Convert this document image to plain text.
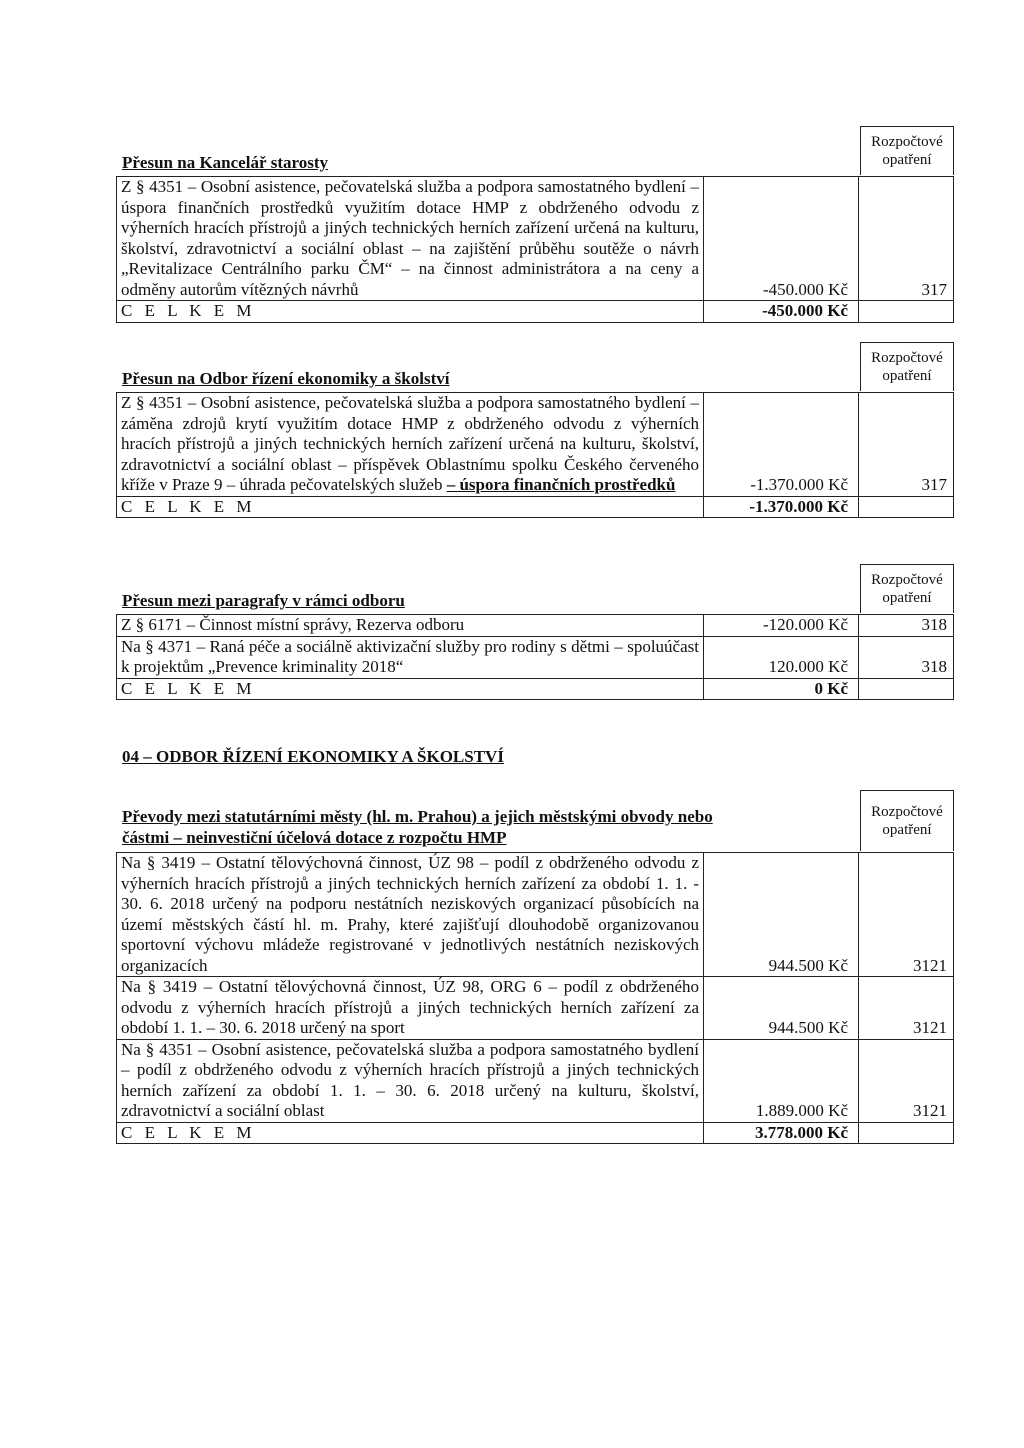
Přesun na Kancelář starosty
Rozpočtové opatření
Z § 4351 – Osobní asistence, pečovatelská služba a podpora samostatného bydlení – úspora finančních prostředků využitím dotace HMP z obdrženého odvodu z výherních hracích přístrojů a jiných technických herních zařízení určená na kulturu, školství, zdravotnictví a sociální oblast – na zajištění průběhu soutěže o návrh „Revitalizace Centrálního parku ČM“ – na činnost administrátora a na ceny a odměny autorům vítězných návrhů	-450.000 Kč	317
C E L K E M	-450.000 Kč	
Přesun na Odbor řízení ekonomiky a školství
Rozpočtové opatření
Z § 4351 – Osobní asistence, pečovatelská služba a podpora samostatného bydlení – záměna zdrojů krytí využitím dotace HMP z obdrženého odvodu z výherních hracích přístrojů a jiných technických herních zařízení určená na kulturu, školství, zdravotnictví a sociální oblast – příspěvek Oblastnímu spolku Českého červeného kříže v Praze 9 – úhrada pečovatelských služeb – úspora finančních prostředků	-1.370.000 Kč	317
C E L K E M	-1.370.000 Kč	
Přesun mezi paragrafy v rámci odboru
Rozpočtové opatření
Z § 6171 – Činnost místní správy, Rezerva odboru	-120.000 Kč	318
Na § 4371 – Raná péče a sociálně aktivizační služby pro rodiny s dětmi – spoluúčast k projektům „Prevence kriminality 2018“	120.000 Kč	318
C E L K E M	0 Kč	
04 – ODBOR ŘÍZENÍ EKONOMIKY A ŠKOLSTVÍ
Převody mezi statutárními městy (hl. m. Prahou) a jejich městskými obvody nebo částmi – neinvestiční účelová dotace z rozpočtu HMP
Rozpočtové opatření
Na § 3419 – Ostatní tělovýchovná činnost, ÚZ 98 – podíl z obdrženého odvodu z výherních hracích přístrojů a jiných technických herních zařízení za období 1. 1. - 30. 6. 2018 určený na podporu nestátních neziskových organizací působících na území městských částí hl. m. Prahy, které zajišťují dlouhodobě organizovanou sportovní výchovu mládeže registrované v jednotlivých nestátních neziskových organizacích	944.500 Kč	3121
Na § 3419 – Ostatní tělovýchovná činnost, ÚZ 98, ORG 6 – podíl z obdrženého odvodu z výherních hracích přístrojů a jiných technických herních zařízení za období 1. 1. – 30. 6. 2018 určený na sport	944.500 Kč	3121
Na § 4351 – Osobní asistence, pečovatelská služba a podpora samostatného bydlení – podíl z obdrženého odvodu z výherních hracích přístrojů a jiných technických herních zařízení za období 1. 1. – 30. 6. 2018 určený na kulturu, školství, zdravotnictví a sociální oblast	1.889.000 Kč	3121
C E L K E M	3.778.000 Kč	
